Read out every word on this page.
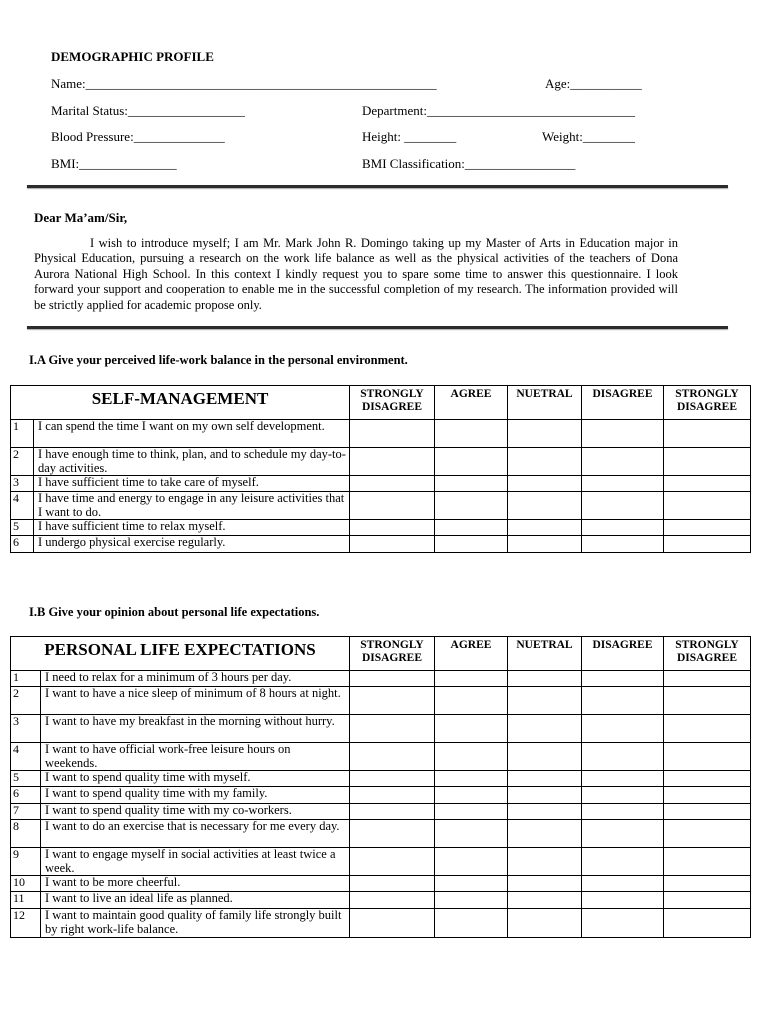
DEMOGRAPHIC PROFILE
Name:______________________________________________________	Age:___________
Marital Status:__________________	Department:________________________________
Blood Pressure:______________	Height: ________	Weight:________
BMI:_______________	BMI Classification:_________________
Dear Ma’am/Sir,
I wish to introduce myself; I am Mr. Mark John R. Domingo taking up my Master of Arts in Education major in Physical Education, pursuing a research on the work life balance as well as the physical activities of the teachers of Dona Aurora National High School. In this context I kindly request you to spare some time to answer this questionnaire. I look forward your support and cooperation to enable me in the successful completion of my research. The information provided will be strictly applied for academic propose only.
I.A Give your perceived life-work balance in the personal environment.
SELF-MANAGEMENT		STRONGLY DISAGREE	AGREE	NUETRAL	DISAGREE	STRONGLY DISAGREE
1	I can spend the time I want on my own self development.					
2	I have enough time to think, plan, and to schedule my day-to-day activities.					
3	I have sufficient time to take care of myself.					
4	I have time and energy to engage in any leisure activities that I want to do.					
5	I have sufficient time to relax myself.					
6	I undergo physical exercise regularly.					
I.B Give your opinion about personal life expectations.
PERSONAL LIFE EXPECTATIONS		STRONGLY DISAGREE	AGREE	NUETRAL	DISAGREE	STRONGLY DISAGREE
1	I need to relax for a minimum of 3 hours per day.					
2	I want to have a nice sleep of minimum of 8 hours at night.					
3	I want to have my breakfast in the morning without hurry.					
4	I want to have official work-free leisure hours on weekends.					
5	I want to spend quality time with myself.					
6	I want to spend quality time with my family.					
7	I want to spend quality time with my co-workers.					
8	I want to do an exercise that is necessary for me every day.					
9	I want to engage myself in social activities at least twice a week.					
10	I want to be more cheerful.					
11	I want to live an ideal life as planned.					
12	I want to maintain good quality of family life strongly built by right work-life balance.					
